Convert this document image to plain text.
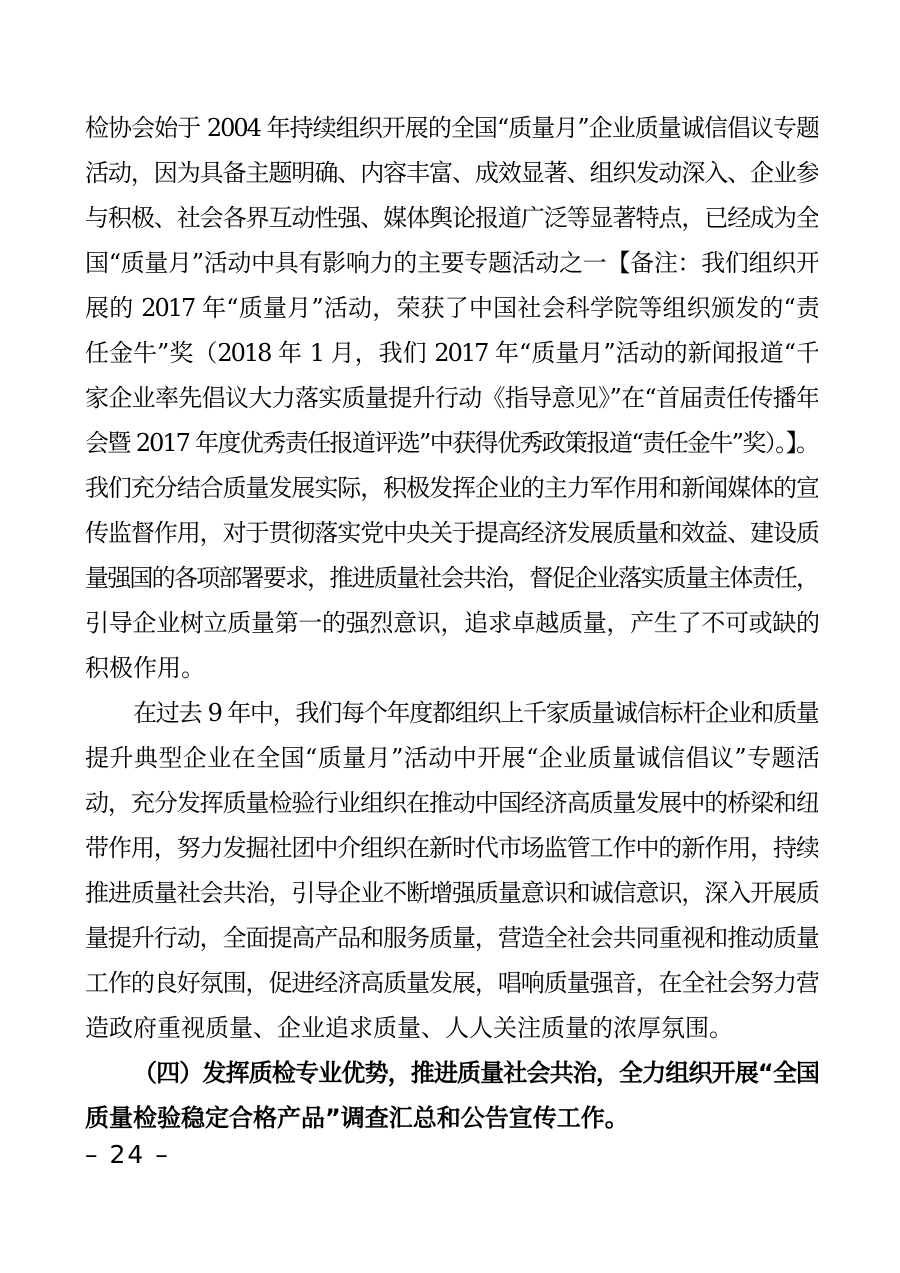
检协会始于 2004 年持续组织开展的全国“质量月”企业质量诚信倡议专题
活动，因为具备主题明确、内容丰富、成效显著、组织发动深入、企业参
与积极、社会各界互动性强、媒体舆论报道广泛等显著特点，已经成为全
国“质量月”活动中具有影响力的主要专题活动之一【备注：我们组织开
展的 2017 年“质量月”活动，荣获了中国社会科学院等组织颁发的“责
任金牛”奖（2018 年 1 月，我们 2017 年“质量月”活动的新闻报道“千
家企业率先倡议大力落实质量提升行动《指导意见》”在“首届责任传播年
会暨 2017 年度优秀责任报道评选”中获得优秀政策报道“责任金牛”奖）。】。
我们充分结合质量发展实际，积极发挥企业的主力军作用和新闻媒体的宣
传监督作用，对于贯彻落实党中央关于提高经济发展质量和效益、建设质
量强国的各项部署要求，推进质量社会共治，督促企业落实质量主体责任，
引导企业树立质量第一的强烈意识，追求卓越质量，产生了不可或缺的
积极作用。
在过去 9 年中，我们每个年度都组织上千家质量诚信标杆企业和质量
提升典型企业在全国“质量月”活动中开展“企业质量诚信倡议”专题活
动，充分发挥质量检验行业组织在推动中国经济高质量发展中的桥梁和纽
带作用，努力发掘社团中介组织在新时代市场监管工作中的新作用，持续
推进质量社会共治，引导企业不断增强质量意识和诚信意识，深入开展质
量提升行动，全面提高产品和服务质量，营造全社会共同重视和推动质量
工作的良好氛围，促进经济高质量发展，唱响质量强音，在全社会努力营
造政府重视质量、企业追求质量、人人关注质量的浓厚氛围。
（四）发挥质检专业优势，推进质量社会共治，全力组织开展“全国
质量检验稳定合格产品”调查汇总和公告宣传工作。
– 24 –
